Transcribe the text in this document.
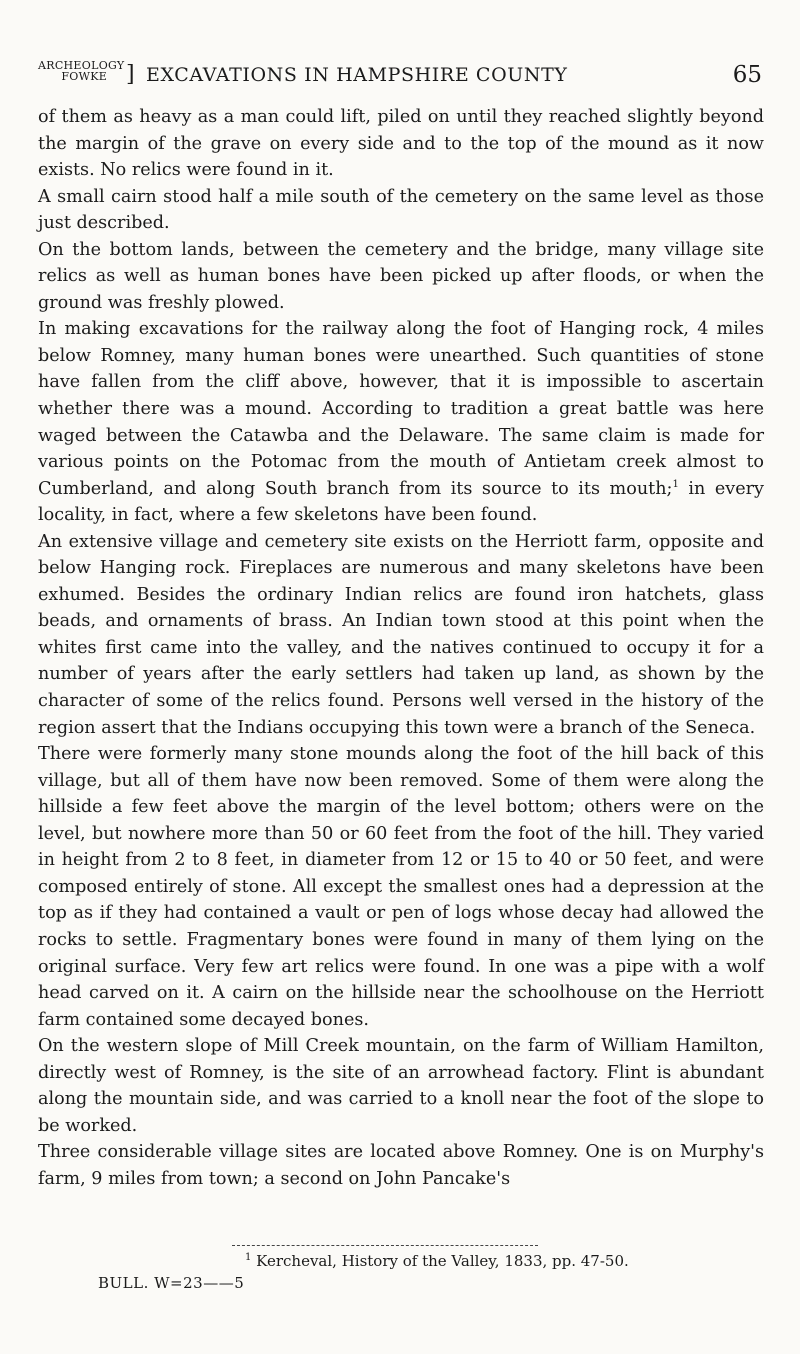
ARCHEOLOGY
FOWKE ] EXCAVATIONS IN HAMPSHIRE COUNTY	65

of them as heavy as a man could lift, piled on until they reached slightly beyond the margin of the grave on every side and to the top of the mound as it now exists. No relics were found in it.

A small cairn stood half a mile south of the cemetery on the same level as those just described.

On the bottom lands, between the cemetery and the bridge, many village site relics as well as human bones have been picked up after floods, or when the ground was freshly plowed.

In making excavations for the railway along the foot of Hanging rock, 4 miles below Romney, many human bones were unearthed. Such quantities of stone have fallen from the cliff above, however, that it is impossible to ascertain whether there was a mound. According to tradition a great battle was here waged between the Catawba and the Delaware. The same claim is made for various points on the Potomac from the mouth of Antietam creek almost to Cumberland, and along South branch from its source to its mouth;$^1$ in every locality, in fact, where a few skeletons have been found.

An extensive village and cemetery site exists on the Herriott farm, opposite and below Hanging rock. Fireplaces are numerous and many skeletons have been exhumed. Besides the ordinary Indian relics are found iron hatchets, glass beads, and ornaments of brass. An Indian town stood at this point when the whites first came into the valley, and the natives continued to occupy it for a number of years after the early settlers had taken up land, as shown by the character of some of the relics found. Persons well versed in the history of the region assert that the Indians occupying this town were a branch of the Seneca.

There were formerly many stone mounds along the foot of the hill back of this village, but all of them have now been removed. Some of them were along the hillside a few feet above the margin of the level bottom; others were on the level, but nowhere more than 50 or 60 feet from the foot of the hill. They varied in height from 2 to 8 feet, in diameter from 12 or 15 to 40 or 50 feet, and were composed entirely of stone. All except the smallest ones had a depression at the top as if they had contained a vault or pen of logs whose decay had allowed the rocks to settle. Fragmentary bones were found in many of them lying on the original surface. Very few art relics were found. In one was a pipe with a wolf head carved on it. A cairn on the hillside near the schoolhouse on the Herriott farm contained some decayed bones.

On the western slope of Mill Creek mountain, on the farm of William Hamilton, directly west of Romney, is the site of an arrowhead factory. Flint is abundant along the mountain side, and was carried to a knoll near the foot of the slope to be worked.

Three considerable village sites are located above Romney. One is on Murphy's farm, 9 miles from town; a second on John Pancake's

$^1$ Kercheval, History of the Valley, 1833, pp. 47-50.
BULL. W=23——5
